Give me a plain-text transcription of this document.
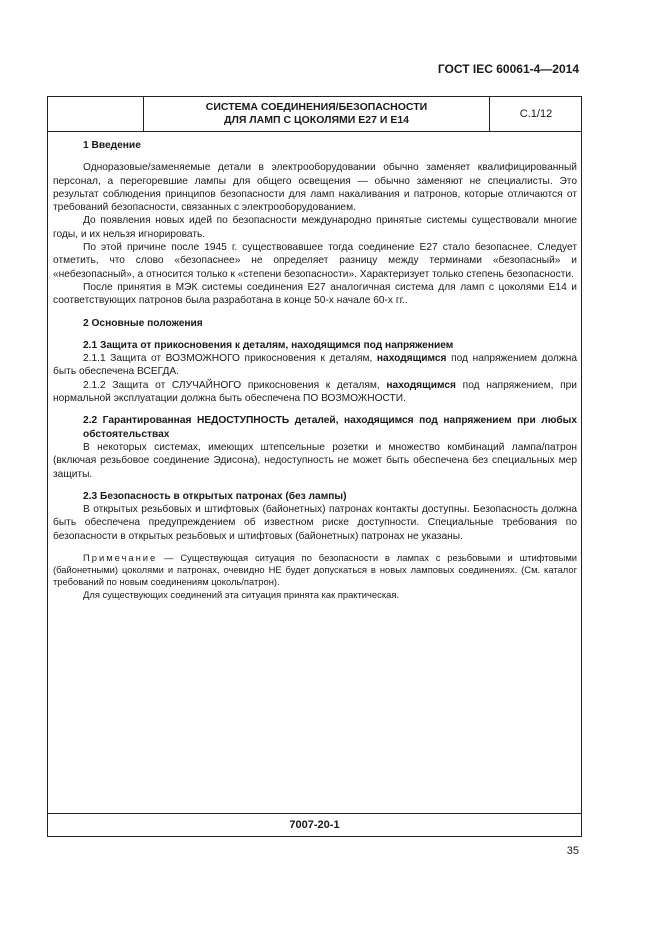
ГОСТ IEC 60061-4—2014
СИСТЕМА СОЕДИНЕНИЯ/БЕЗОПАСНОСТИ
ДЛЯ ЛАМП С ЦОКОЛЯМИ Е27 И Е14	С.1/12

1 Введение

Одноразовые/заменяемые детали в электрооборудовании обычно заменяет квалифицированный персонал, а перегоревшие лампы для общего освещения — обычно заменяют не специалисты. Это результат соблюдения принципов безопасности для ламп накаливания и патронов, которые отличаются от требований безопасности, связанных с электрооборудованием.

До появления новых идей по безопасности международно принятые системы существовали многие годы, и их нельзя игнорировать.

По этой причине после 1945 г. существовавшее тогда соединение Е27 стало безопаснее. Следует отметить, что слово «безопаснее» не определяет разницу между терминами «безопасный» и «небезопасный», а относится только к «степени безопасности». Характеризует только степень безопасности.

После принятия в МЭК системы соединения Е27 аналогичная система для ламп с цоколями Е14 и соответствующих патронов была разработана в конце 50-х начале 60-х гг..

2 Основные положения

2.1 Защита от прикосновения к деталям, находящимся под напряжением

2.1.1 Защита от ВОЗМОЖНОГО прикосновения к деталям, находящимся под напряжением должна быть обеспечена ВСЕГДА.

2.1.2 Защита от СЛУЧАЙНОГО прикосновения к деталям, находящимся под напряжением, при нормальной эксплуатации должна быть обеспечена ПО ВОЗМОЖНОСТИ.

2.2 Гарантированная НЕДОСТУПНОСТЬ деталей, находящимся под напряжением при любых обстоятельствах

В некоторых системах, имеющих штепсельные розетки и множество комбинаций лампа/патрон (включая резьбовое соединение Эдисона), недоступность не может быть обеспечена без специальных мер защиты.

2.3 Безопасность в открытых патронах (без лампы)

В открытых резьбовых и штифтовых (байонетных) патронах контакты доступны. Безопасность должна быть обеспечена предупреждением об известном риске доступности. Специальные требования по безопасности в открытых резьбовых и штифтовых (байонетных) патронах не указаны.

Примечание — Существующая ситуация по безопасности в лампах с резьбовыми и штифтовыми (байонетными) цоколями и патронах, очевидно НЕ будет допускаться в новых ламповых соединениях. (См. каталог требований по новым соединениям цоколь/патрон).

Для существующих соединений эта ситуация принята как практическая.

7007-20-1
35
